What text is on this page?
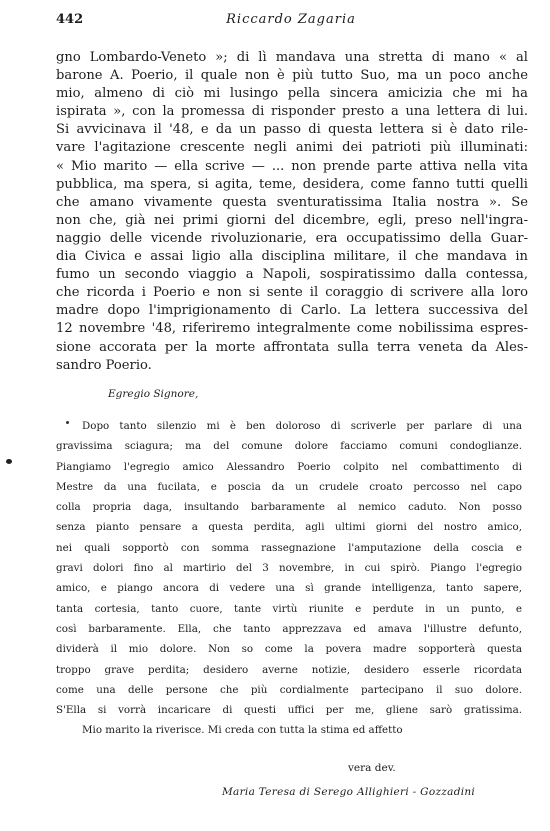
442	Riccardo Zagaria
gno Lombardo-Veneto »; di lì mandava una stretta di mano « al
barone A. Poerio, il quale non è più tutto Suo, ma un poco anche
mio, almeno di ciò mi lusingo pella sincera amicizia che mi ha
ispirata », con la promessa di risponder presto a una lettera di lui.
Si avvicinava il '48, e da un passo di questa lettera si è dato rile-
vare l'agitazione crescente negli animi dei patrioti più illuminati:
« Mio marito — ella scrive — ... non prende parte attiva nella vita
pubblica, ma spera, si agita, teme, desidera, come fanno tutti quelli
che amano vivamente questa sventuratissima Italia nostra ». Se
non che, già nei primi giorni del dicembre, egli, preso nell'ingra-
naggio delle vicende rivoluzionarie, era occupatissimo della Guar-
dia Civica e assai ligio alla disciplina militare, il che mandava in
fumo un secondo viaggio a Napoli, sospiratissimo dalla contessa,
che ricorda i Poerio e non si sente il coraggio di scrivere alla loro
madre dopo l'imprigionamento di Carlo. La lettera successiva del
12 novembre '48, riferiremo integralmente come nobilissima espres-
sione accorata per la morte affrontata sulla terra veneta da Ales-
sandro Poerio.
Egregio Signore,
Dopo tanto silenzio mi è ben doloroso di scriverle per parlare di una
gravissima sciagura; ma del comune dolore facciamo comuni condoglianze.
Piangiamo l'egregio amico Alessandro Poerio colpito nel combattimento di
Mestre da una fucilata, e poscia da un crudele croato percosso nel capo
colla propria daga, insultando barbaramente al nemico caduto. Non posso
senza pianto pensare a questa perdita, agli ultimi giorni del nostro amico,
nei quali sopportò con somma rassegnazione l'amputazione della coscia e
gravi dolori fino al martirio del 3 novembre, in cui spirò. Piango l'egregio
amico, e piango ancora di vedere una sì grande intelligenza, tanto sapere,
tanta cortesia, tanto cuore, tante virtù riunite e perdute in un punto, e
così barbaramente. Ella, che tanto apprezzava ed amava l'illustre defunto,
dividerà il mio dolore. Non so come la povera madre sopporterà questa
troppo grave perdita; desidero averne notizie, desidero esserle ricordata
come una delle persone che più cordialmente partecipano il suo dolore.
S'Ella si vorrà incaricare di questi uffici per me, gliene sarò gratissima.
Mio marito la riverisce. Mi creda con tutta la stima ed affetto
vera dev.
Maria Teresa di Serego Allighieri - Gozzadini
